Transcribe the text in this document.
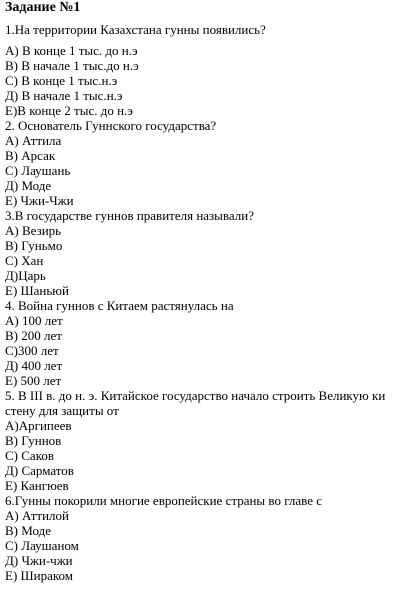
Задание №1
1.На территории Казахстана гунны появились?
А) В конце 1 тыс. до н.э
В) В начале 1 тыс.до н.э
С) В конце 1 тыс.н.э
Д) В начале 1 тыс.н.э
Е)В конце 2 тыс. до н.э
2. Основатель Гуннского государства?
А) Аттила
В) Арсак
С) Лаушань
Д) Моде
Е) Чжи-Чжи
3.В государстве гуннов правителя называли?
А) Везирь
В) Гуньмо
С) Хан
Д)Царь
Е) Шаньюй
4. Война гуннов с Китаем растянулась на
А) 100 лет
В) 200 лет
С)300 лет
Д) 400 лет
Е) 500 лет
5. В III в. до н. э. Китайское государство начало строить Великую ки
стену для защиты от
А)Аргипеев
В) Гуннов
С) Саков
Д) Сарматов
Е) Кангюев
6.Гунны покорили многие европейские страны во главе с
А) Аттилой
В) Моде
С) Лаушаном
Д) Чжи-чжи
Е) Шираком
